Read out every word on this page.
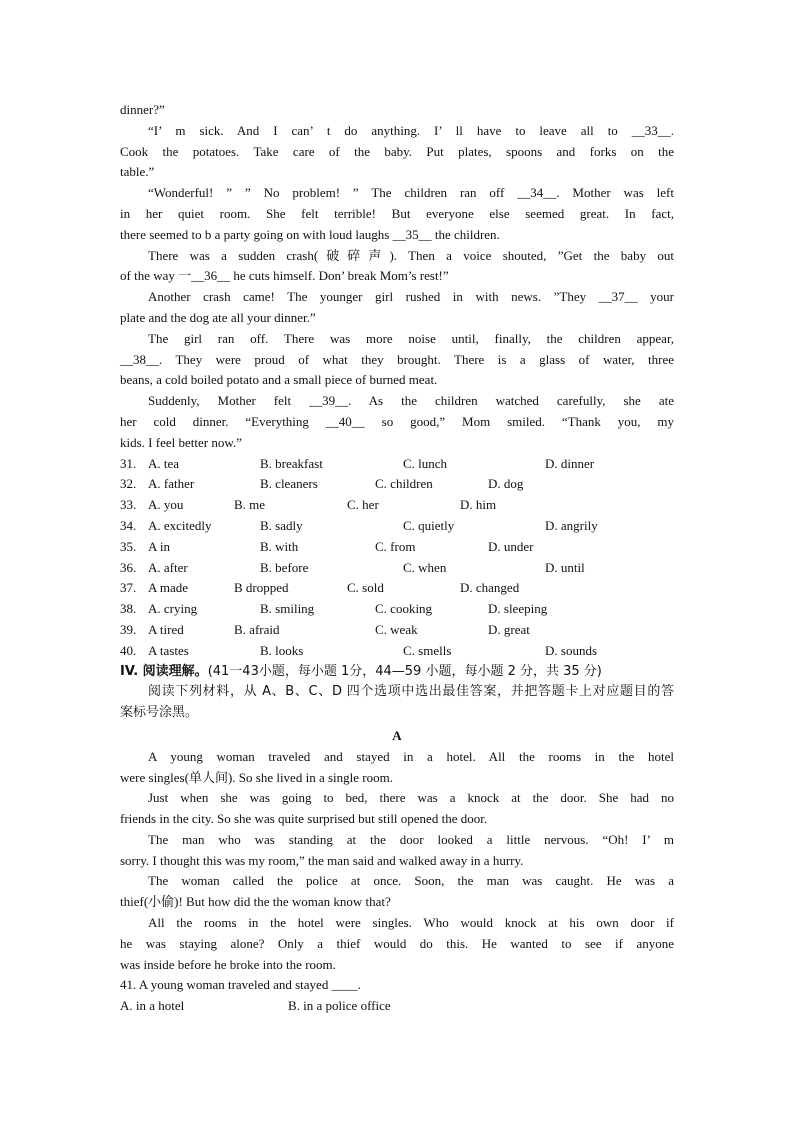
dinner?”
“I’ m sick. And I can’ t do anything. I’ ll have to leave all to __33__.
Cook the potatoes. Take care of the baby. Put plates, spoons and forks on the
table.”
“Wonderful! ” ” No problem! ” The children ran off __34__. Mother was left
in her quiet room. She felt terrible! But everyone else seemed great. In fact,
there seemed to b a party going on with loud laughs __35__ the children.
There was a sudden crash(破碎声). Then a voice shouted, ”Get the baby out
of the way 一__36__ he cuts himself. Don’ break Mom’s rest!”
Another crash came! The younger girl rushed in with news. ”They __37__ your
plate and the dog ate all your dinner.”
The girl ran off. There was more noise until, finally, the children appear,
__38__. They were proud of what they brought. There is a glass of water, three
beans, a cold boiled potato and a small piece of burned meat.
Suddenly, Mother felt __39__. As the children watched carefully, she ate
her cold dinner. “Everything __40__ so good,” Mom smiled. “Thank you, my
kids. I feel better now.”
31. A. tea	B. breakfast	C. lunch	D. dinner
32. A. father	B. cleaners	C. children	D. dog
33. A. you	B. me	C. her	D. him
34. A. excitedly	B. sadly	C. quietly	D. angrily
35. A in	B. with	C. from	D. under
36. A. after	B. before	C. when	D. until
37. A made	B dropped	C. sold	D. changed
38. A. crying	B. smiling	C. cooking	D. sleeping
39. A tired	B. afraid	C. weak	D. great
40. A tastes	B. looks	C. smells	D. sounds
IV. 阅读理解。(41一43小题，每小题 1分，44—59 小题，每小题 2 分，共 35 分)
阅读下列材料，从 A、B、C、D 四个选项中选出最佳答案，并把答题卡上对应题目的答
案标号涂黑。
A
A young woman traveled and stayed in a hotel. All the rooms in the hotel
were singles(单人间). So she lived in a single room.
Just when she was going to bed, there was a knock at the door. She had no
friends in the city. So she was quite surprised but still opened the door.
The man who was standing at the door looked a little nervous. “Oh! I’ m
sorry. I thought this was my room,” the man said and walked away in a hurry.
The woman called the police at once. Soon, the man was caught. He was a
thief(小偷)! But how did the the woman know that?
All the rooms in the hotel were singles. Who would knock at his own door if
he was staying alone? Only a thief would do this. He wanted to see if anyone
was inside before he broke into the room.
41. A young woman traveled and stayed ____.
A. in a hotel	B. in a police office
